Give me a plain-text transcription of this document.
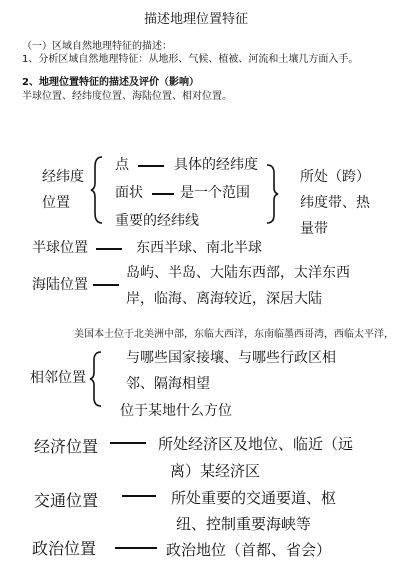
描述地理位置特征
（一）区域自然地理特征的描述：
1、分析区域自然地理特征：从地形、气候、植被、河流和土壤几方面入手。
2、地理位置特征的描述及评价（影响）
半球位置、经纬度位置、海陆位置、相对位置。
经纬度
位置
点	具体的经纬度
面状	是一个范围
重要的经纬线
所处（跨）
纬度带、热
量带
半球位置	东西半球、南北半球
海陆位置
岛屿、半岛、大陆东西部，太洋东西
岸，临海、离海较近，深居大陆
美国本土位于北美洲中部，东临大西洋，东南临墨西哥湾，西临太平洋，
相邻位置
与哪些国家接壤、与哪些行政区相
邻、隔海相望
位于某地什么方位
经济位置	所处经济区及地位、临近（远
离）某经济区
交通位置	所处重要的交通要道、枢
纽、控制重要海峡等
政治位置	政治地位（首都、省会）
